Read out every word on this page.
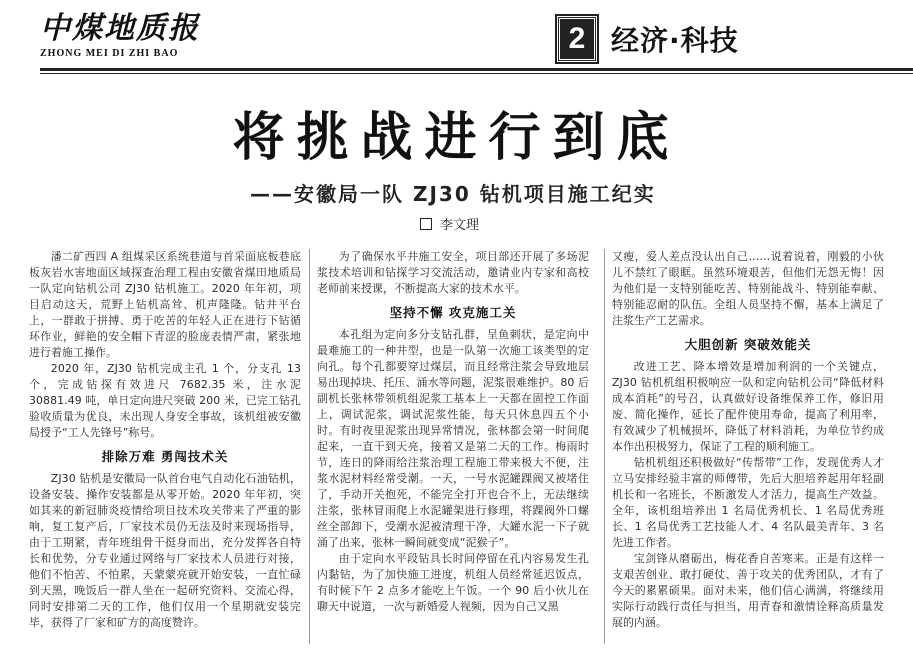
中煤地质报
ZHONG MEI DI ZHI BAO	2 经济·科技
将挑战进行到底
——安徽局一队 ZJ30 钻机项目施工纪实
李文理

潘二矿西四 A 组煤采区系统巷道与首采面底板巷底板灰岩水害地面区域探查治理工程由安徽省煤田地质局一队定向钻机公司 ZJ30 钻机施工。2020 年年初，项目启动这天，荒野上钻机高耸、机声隆隆。钻井平台上，一群敢于拼搏、勇于吃苦的年轻人正在进行下钻循环作业，鲜艳的安全帽下青涩的脸庞表情严肃，紧张地进行着施工操作。

2020 年，ZJ30 钻机完成主孔 1 个，分支孔 13 个，完成钻探有效进尺 7682.35 米，注水泥 30881.49 吨，单日定向进尺突破 200 米，已完工钻孔验收质量为优良，未出现人身安全事故，该机组被安徽局授予“工人先锋号”称号。

排除万难 勇闯技术关

ZJ30 钻机是安徽局一队首台电气自动化石油钻机，设备安装、操作安装都是从零开始。2020 年年初，突如其来的新冠肺炎疫情给项目技术攻关带来了严重的影响，复工复产后，厂家技术员仍无法及时来现场指导，由于工期紧，青年班组骨干挺身而出，充分发挥各自特长和优势，分专业通过网络与厂家技术人员进行对接，他们不怕苦、不怕累，天蒙蒙亮就开始安装，一直忙碌到天黑，晚饭后一群人坐在一起研究资料、交流心得，同时安排第二天的工作，他们仅用一个星期就安装完毕，获得了厂家和矿方的高度赞许。

为了确保水平井施工安全，项目部还开展了多场泥浆技术培训和钻探学习交流活动，邀请业内专家和高校老师前来授课，不断提高大家的技术水平。

坚持不懈 攻克施工关

本孔组为定向多分支钻孔群，呈鱼刺状，是定向中最难施工的一种井型，也是一队第一次施工该类型的定向孔。每个孔都要穿过煤层，而且经常注浆会导致地层易出现掉块、托压、涌水等问题，泥浆很难维护。80 后副机长张林带领机组泥浆工基本上一天都在固控工作面上，调试泥浆，调试泥浆性能，每天只休息四五个小时。有时夜里泥浆出现异常情况，张林都会第一时间爬起来，一直干到天亮，接着又是第二天的工作。梅雨时节，连日的降雨给注浆治理工程施工带来极大不便，注浆水泥材料经常受潮。一天，一号水泥罐踝阀又被堵住了，手动开关抱死，不能完全打开也合不上，无法继续注浆，张林冒雨爬上水泥罐架进行修理，将踝阀外口螺丝全部卸下，受潮水泥被清理干净，大罐水泥一下子就涌了出来，张林一瞬间就变成“泥猴子”。

由于定向水平段钻具长时间停留在孔内容易发生孔内黏钻，为了加快施工进度，机组人员经常延迟饭点，有时候下午 2 点多才能吃上午饭。一个 90 后小伙儿在聊天中说道，一次与新婚爱人视频，因为自己又黑

又瘦，爱人差点没认出自己……说着说着，刚毅的小伙儿不禁红了眼眶。虽然环境艰苦，但他们无怨无悔！因为他们是一支特别能吃苦、特别能战斗、特别能奉献、特别能忍耐的队伍。全组人员坚持不懈，基本上满足了注浆生产工艺需求。

大胆创新 突破效能关

改进工艺、降本增效是增加利润的一个关键点，ZJ30 钻机机组积极响应一队和定向钻机公司“降低材料成本消耗”的号召，认真做好设备维保养工作，修旧用废、简化操作，延长了配件使用寿命，提高了利用率，有效减少了机械损坏，降低了材料消耗，为单位节约成本作出积极努力，保证了工程的顺利施工。

钻机机组还积极做好“传帮带”工作，发现优秀人才立马安排经验丰富的师傅带，先后大胆培养起用年轻副机长和一名班长，不断激发人才活力，提高生产效益。全年，该机组培养出 1 名局优秀机长、1 名局优秀班长、1 名局优秀工艺技能人才、4 名队最美青年、3 名先进工作者。

宝剑锋从磨砺出，梅花香自苦寒来。正是有这样一支艰苦创业、敢打硬仗、善于攻关的优秀团队，才有了今天的累累硕果。面对未来，他们信心满满，将继续用实际行动践行责任与担当，用青春和激情诠释高质量发展的内涵。
